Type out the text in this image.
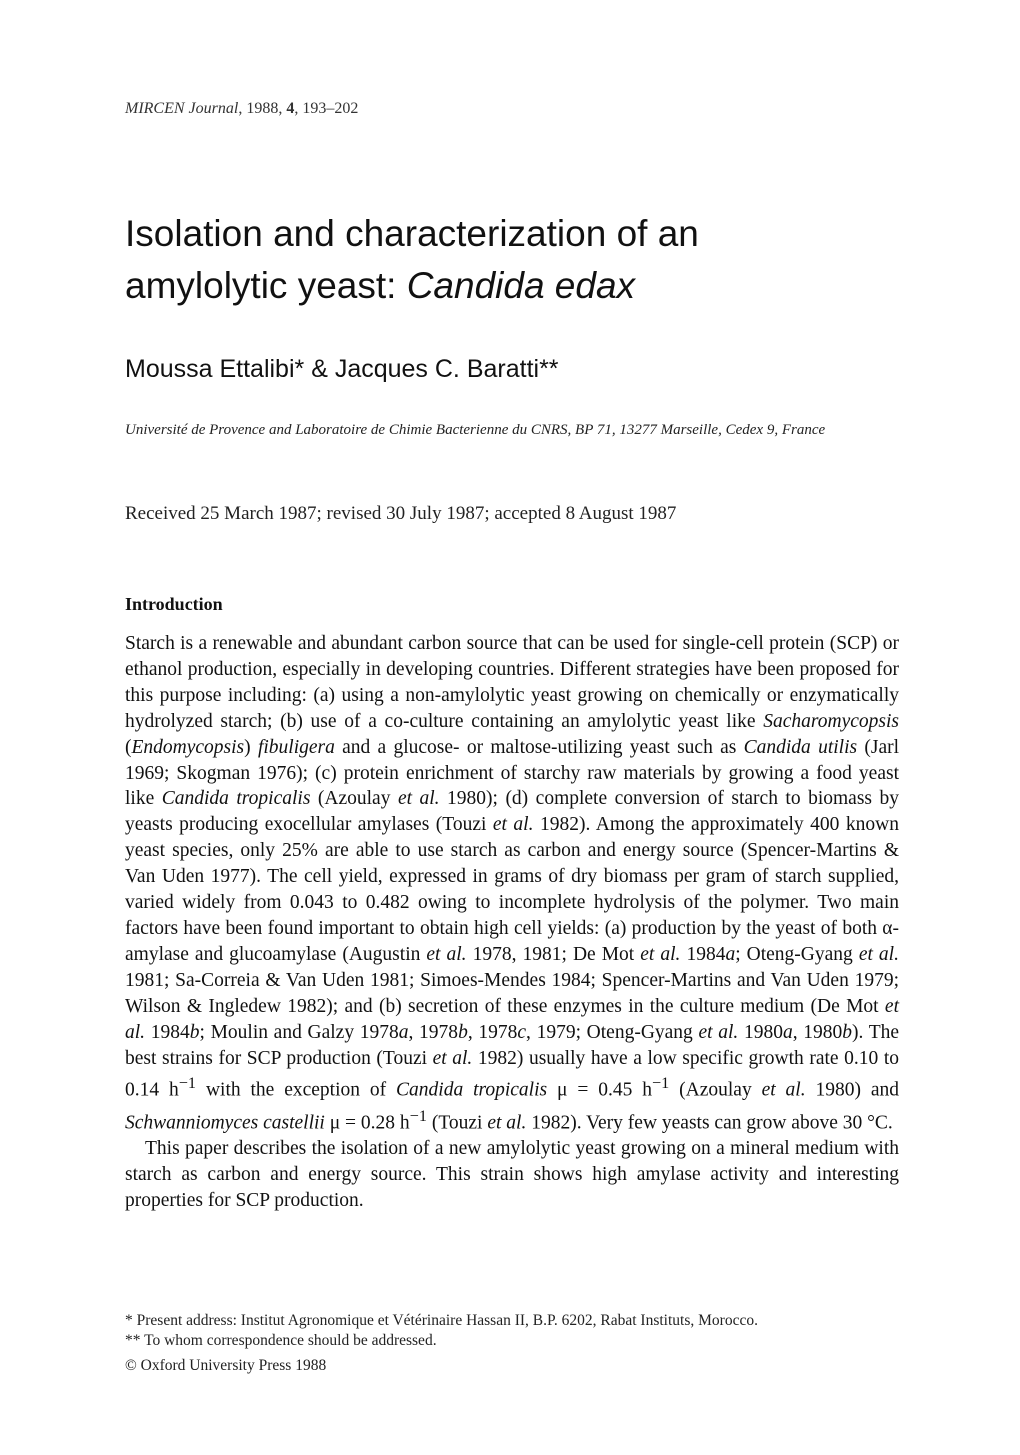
MIRCEN Journal, 1988, 4, 193–202
Isolation and characterization of an
amylolytic yeast: Candida edax
Moussa Ettalibi* & Jacques C. Baratti**
Université de Provence and Laboratoire de Chimie Bacterienne du CNRS, BP 71, 13277 Marseille, Cedex 9, France
Received 25 March 1987; revised 30 July 1987; accepted 8 August 1987
Introduction

Starch is a renewable and abundant carbon source that can be used for single-cell protein (SCP) or ethanol production, especially in developing countries. Different strategies have been proposed for this purpose including: (a) using a non-amylolytic yeast growing on chemically or enzymatically hydrolyzed starch; (b) use of a co-culture containing an amylolytic yeast like Sacharomycopsis (Endomycopsis) fibuligera and a glucose- or maltose-utilizing yeast such as Candida utilis (Jarl 1969; Skogman 1976); (c) protein enrichment of starchy raw materials by growing a food yeast like Candida tropicalis (Azoulay et al. 1980); (d) complete conversion of starch to biomass by yeasts producing exocellular amylases (Touzi et al. 1982). Among the approximately 400 known yeast species, only 25% are able to use starch as carbon and energy source (Spencer-Martins & Van Uden 1977). The cell yield, expressed in grams of dry biomass per gram of starch supplied, varied widely from 0.043 to 0.482 owing to incomplete hydrolysis of the polymer. Two main factors have been found important to obtain high cell yields: (a) production by the yeast of both α-amylase and glucoamylase (Augustin et al. 1978, 1981; De Mot et al. 1984a; Oteng-Gyang et al. 1981; Sa-Correia & Van Uden 1981; Simoes-Mendes 1984; Spencer-Martins and Van Uden 1979; Wilson & Ingledew 1982); and (b) secretion of these enzymes in the culture medium (De Mot et al. 1984b; Moulin and Galzy 1978a, 1978b, 1978c, 1979; Oteng-Gyang et al. 1980a, 1980b). The best strains for SCP production (Touzi et al. 1982) usually have a low specific growth rate 0.10 to 0.14 $h^{-1}$ with the exception of Candida tropicalis μ = 0.45 $h^{-1}$ (Azoulay et al. 1980) and Schwanniomyces castellii μ = 0.28 $h^{-1}$ (Touzi et al. 1982). Very few yeasts can grow above 30 °C.

This paper describes the isolation of a new amylolytic yeast growing on a mineral medium with starch as carbon and energy source. This strain shows high amylase activity and interesting properties for SCP production.

* Present address: Institut Agronomique et Vétérinaire Hassan II, B.P. 6202, Rabat Instituts, Morocco.
** To whom correspondence should be addressed.
© Oxford University Press 1988
